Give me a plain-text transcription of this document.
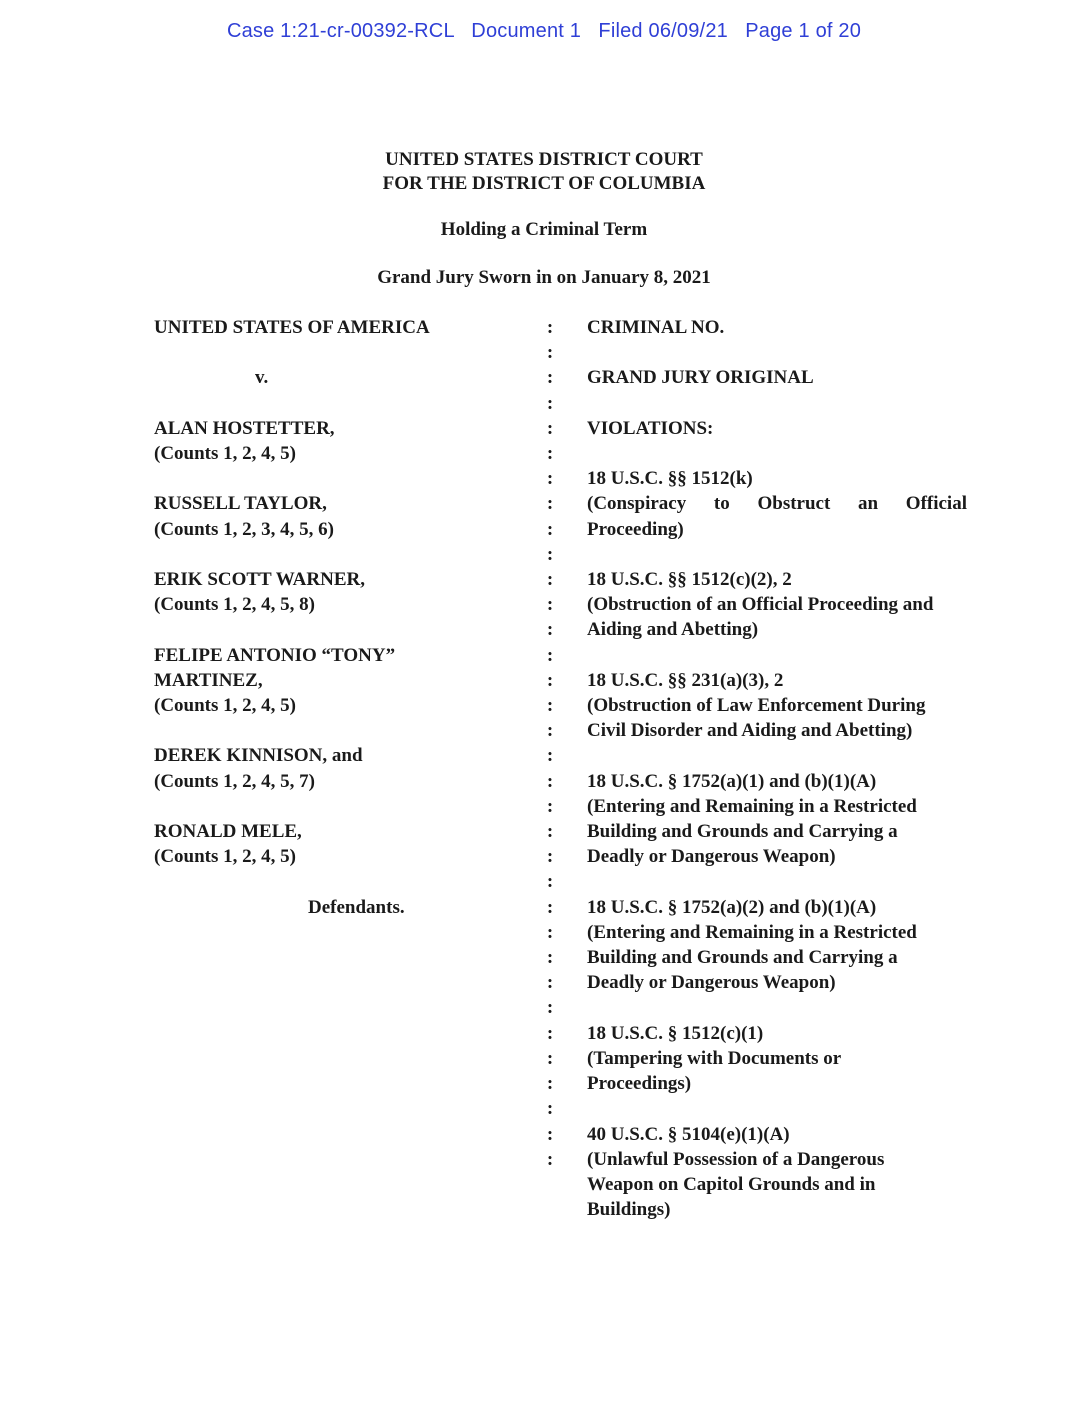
Case 1:21-cr-00392-RCL   Document 1   Filed 06/09/21   Page 1 of 20
UNITED STATES DISTRICT COURT
FOR THE DISTRICT OF COLUMBIA
Holding a Criminal Term
Grand Jury Sworn in on January 8, 2021
UNITED STATES OF AMERICA

v.

ALAN HOSTETTER,
(Counts 1, 2, 4, 5)

RUSSELL TAYLOR,
(Counts 1, 2, 3, 4, 5, 6)

ERIK SCOTT WARNER,
(Counts 1, 2, 4, 5, 8)

FELIPE ANTONIO “TONY”
MARTINEZ,
(Counts 1, 2, 4, 5)

DEREK KINNISON, and
(Counts 1, 2, 4, 5, 7)

RONALD MELE,
(Counts 1, 2, 4, 5)

Defendants.
:
:
:
:
:
:
:
:
:
:
:
:
:
:
:
:
:
:
:
:
:
:
:
:
:
:
:
:
:
:
:
:
:
:
CRIMINAL NO.

GRAND JURY ORIGINAL

VIOLATIONS:

18 U.S.C. §§ 1512(k)
(Conspiracy to Obstruct an Official
Proceeding)

18 U.S.C. §§ 1512(c)(2), 2
(Obstruction of an Official Proceeding and
Aiding and Abetting)

18 U.S.C. §§ 231(a)(3), 2
(Obstruction of Law Enforcement During
Civil Disorder and Aiding and Abetting)

18 U.S.C. § 1752(a)(1) and (b)(1)(A)
(Entering and Remaining in a Restricted
Building and Grounds and Carrying a
Deadly or Dangerous Weapon)

18 U.S.C. § 1752(a)(2) and (b)(1)(A)
(Entering and Remaining in a Restricted
Building and Grounds and Carrying a
Deadly or Dangerous Weapon)

18 U.S.C. § 1512(c)(1)
(Tampering with Documents or
Proceedings)

40 U.S.C. § 5104(e)(1)(A)
(Unlawful Possession of a Dangerous
Weapon on Capitol Grounds and in
Buildings)
